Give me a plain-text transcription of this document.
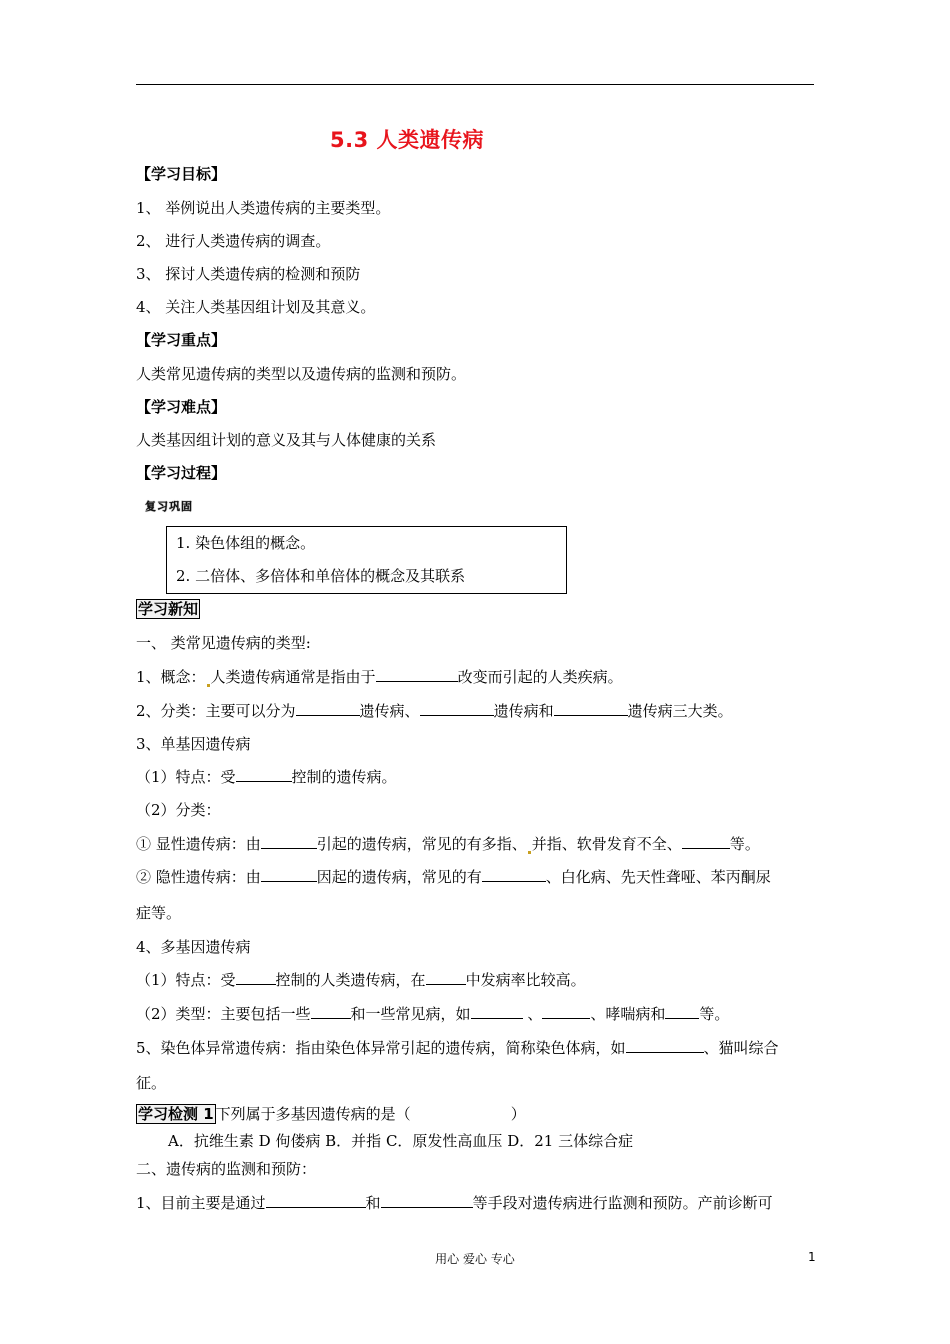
5.3 人类遗传病
【学习目标】
1、 举例说出人类遗传病的主要类型。
2、 进行人类遗传病的调查。
3、 探讨人类遗传病的检测和预防
4、 关注人类基因组计划及其意义。
【学习重点】
人类常见遗传病的类型以及遗传病的监测和预防。
【学习难点】
人类基因组计划的意义及其与人体健康的关系
【学习过程】
复习巩固
1. 染色体组的概念。
2. 二倍体、多倍体和单倍体的概念及其联系
学习新知
一、 类常见遗传病的类型:
1、概念： 人类遗传病通常是指由于	改变而引起的人类疾病。
2、分类：主要可以分为	遗传病、	遗传病和	遗传病三大类。
3、单基因遗传病
（1）特点：受	控制的遗传病。
（2）分类：
① 显性遗传病：由	引起的遗传病，常见的有多指、 并指、软骨发育不全、	等。
② 隐性遗传病：由	因起的遗传病，常见的有	、白化病、先天性聋哑、苯丙酮尿
症等。
4、多基因遗传病
（1）特点：受	控制的人类遗传病，在	中发病率比较高。
（2）类型：主要包括一些	和一些常见病，如	、	、哮喘病和 等。
5、染色体异常遗传病：指由染色体异常引起的遗传病，简称染色体病，如	、猫叫综合
征。
学习检测 1 下列属于多基因遗传病的是（	）
A．抗维生素 D 佝偻病 B．并指 C．原发性高血压 D．21 三体综合症
二、遗传病的监测和预防：
1、目前主要是通过	和	等手段对遗传病进行监测和预防。产前诊断可
用心 爱心 专心	1
